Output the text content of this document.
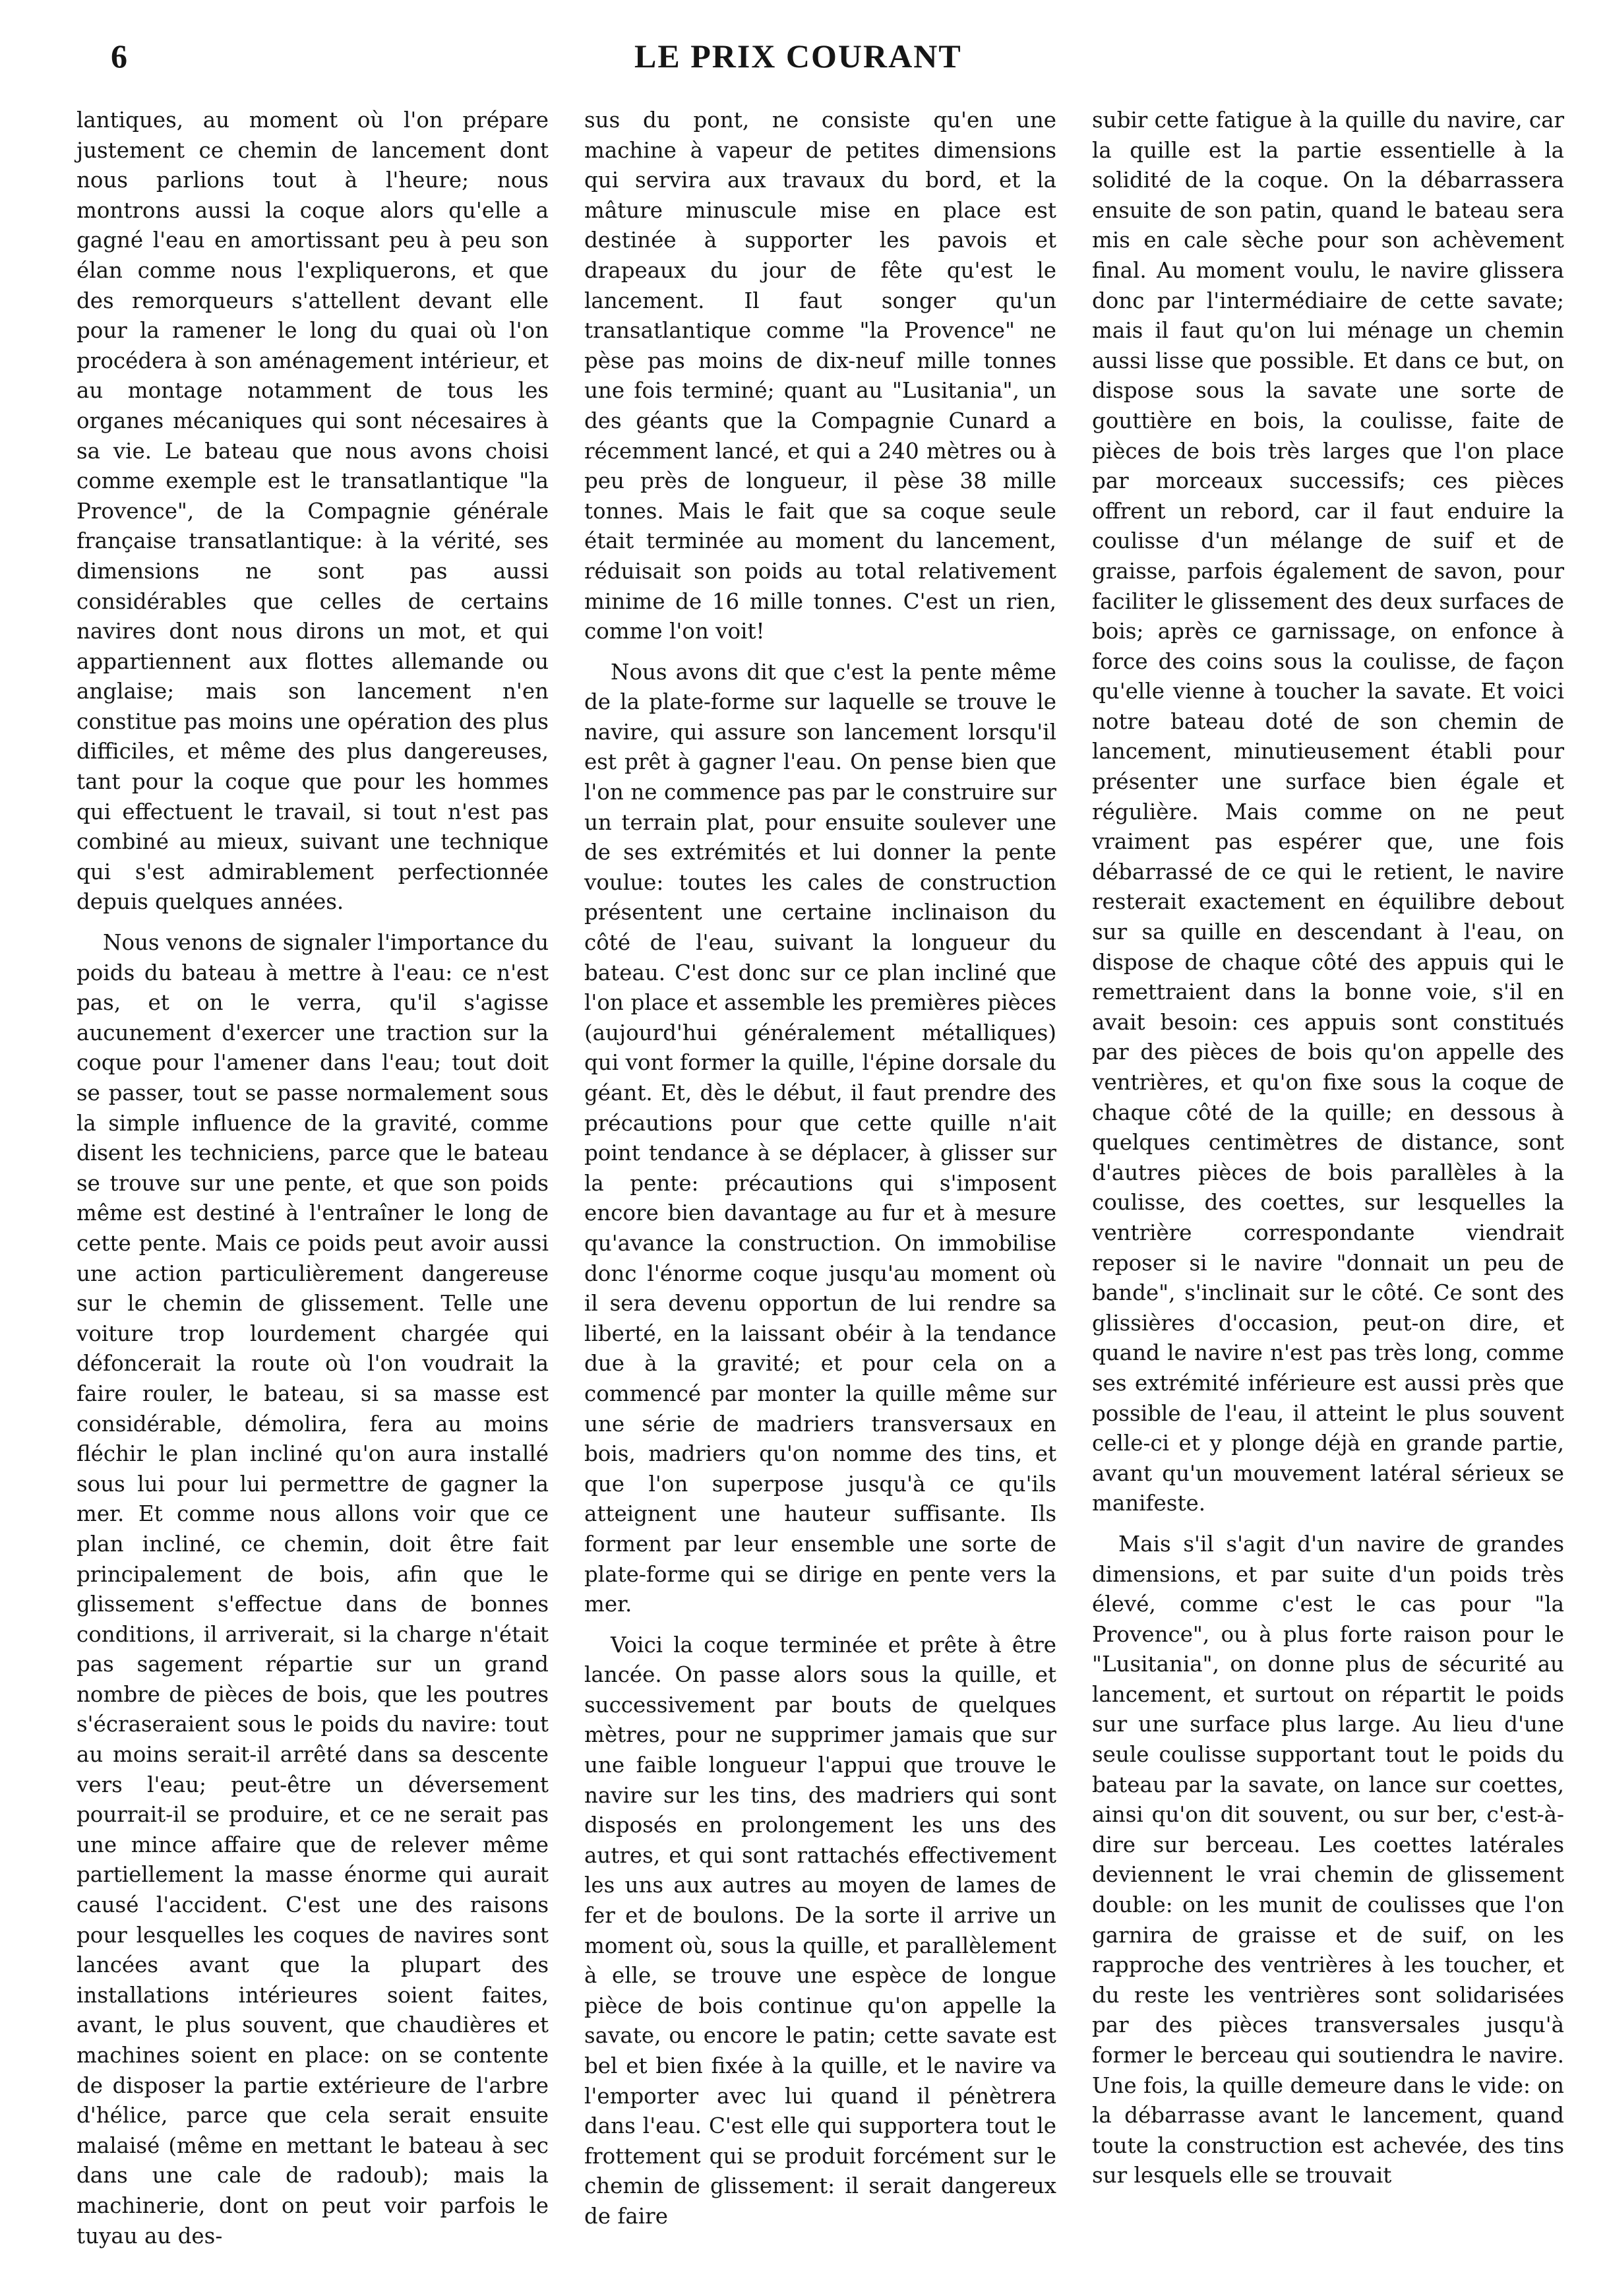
6	LE PRIX COURANT

lantiques, au moment où l'on prépare justement ce chemin de lancement dont nous parlions tout à l'heure; nous montrons aussi la coque alors qu'elle a gagné l'eau en amortissant peu à peu son élan comme nous l'expliquerons, et que des remorqueurs s'attellent devant elle pour la ramener le long du quai où l'on procédera à son aménagement intérieur, et au montage notamment de tous les organes mécaniques qui sont nécesaires à sa vie. Le bateau que nous avons choisi comme exemple est le transatlantique "la Provence", de la Compagnie générale française transatlantique: à la vérité, ses dimensions ne sont pas aussi considérables que celles de certains navires dont nous dirons un mot, et qui appartiennent aux flottes allemande ou anglaise; mais son lancement n'en constitue pas moins une opération des plus difficiles, et même des plus dangereuses, tant pour la coque que pour les hommes qui effectuent le travail, si tout n'est pas combiné au mieux, suivant une technique qui s'est admirablement perfectionnée depuis quelques années.

Nous venons de signaler l'importance du poids du bateau à mettre à l'eau: ce n'est pas, et on le verra, qu'il s'agisse aucunement d'exercer une traction sur la coque pour l'amener dans l'eau; tout doit se passer, tout se passe normalement sous la simple influence de la gravité, comme disent les techniciens, parce que le bateau se trouve sur une pente, et que son poids même est destiné à l'entraîner le long de cette pente. Mais ce poids peut avoir aussi une action particulièrement dangereuse sur le chemin de glissement. Telle une voiture trop lourdement chargée qui défoncerait la route où l'on voudrait la faire rouler, le bateau, si sa masse est considérable, démolira, fera au moins fléchir le plan incliné qu'on aura installé sous lui pour lui permettre de gagner la mer. Et comme nous allons voir que ce plan incliné, ce chemin, doit être fait principalement de bois, afin que le glissement s'effectue dans de bonnes conditions, il arriverait, si la charge n'était pas sagement répartie sur un grand nombre de pièces de bois, que les poutres s'écraseraient sous le poids du navire: tout au moins serait-il arrêté dans sa descente vers l'eau; peut-être un déversement pourrait-il se produire, et ce ne serait pas une mince affaire que de relever même partiellement la masse énorme qui aurait causé l'accident. C'est une des raisons pour lesquelles les coques de navires sont lancées avant que la plupart des installations intérieures soient faites, avant, le plus souvent, que chaudières et machines soient en place: on se contente de disposer la partie extérieure de l'arbre d'hélice, parce que cela serait ensuite malaisé (même en mettant le bateau à sec dans une cale de radoub); mais la machinerie, dont on peut voir parfois le tuyau au des-

sus du pont, ne consiste qu'en une machine à vapeur de petites dimensions qui servira aux travaux du bord, et la mâture minuscule mise en place est destinée à supporter les pavois et drapeaux du jour de fête qu'est le lancement. Il faut songer qu'un transatlantique comme "la Provence" ne pèse pas moins de dix-neuf mille tonnes une fois terminé; quant au "Lusitania", un des géants que la Compagnie Cunard a récemment lancé, et qui a 240 mètres ou à peu près de longueur, il pèse 38 mille tonnes. Mais le fait que sa coque seule était terminée au moment du lancement, réduisait son poids au total relativement minime de 16 mille tonnes. C'est un rien, comme l'on voit!

Nous avons dit que c'est la pente même de la plate-forme sur laquelle se trouve le navire, qui assure son lancement lorsqu'il est prêt à gagner l'eau. On pense bien que l'on ne commence pas par le construire sur un terrain plat, pour ensuite soulever une de ses extrémités et lui donner la pente voulue: toutes les cales de construction présentent une certaine inclinaison du côté de l'eau, suivant la longueur du bateau. C'est donc sur ce plan incliné que l'on place et assemble les premières pièces (aujourd'hui généralement métalliques) qui vont former la quille, l'épine dorsale du géant. Et, dès le début, il faut prendre des précautions pour que cette quille n'ait point tendance à se déplacer, à glisser sur la pente: précautions qui s'imposent encore bien davantage au fur et à mesure qu'avance la construction. On immobilise donc l'énorme coque jusqu'au moment où il sera devenu opportun de lui rendre sa liberté, en la laissant obéir à la tendance due à la gravité; et pour cela on a commencé par monter la quille même sur une série de madriers transversaux en bois, madriers qu'on nomme des tins, et que l'on superpose jusqu'à ce qu'ils atteignent une hauteur suffisante. Ils forment par leur ensemble une sorte de plate-forme qui se dirige en pente vers la mer.

Voici la coque terminée et prête à être lancée. On passe alors sous la quille, et successivement par bouts de quelques mètres, pour ne supprimer jamais que sur une faible longueur l'appui que trouve le navire sur les tins, des madriers qui sont disposés en prolongement les uns des autres, et qui sont rattachés effectivement les uns aux autres au moyen de lames de fer et de boulons. De la sorte il arrive un moment où, sous la quille, et parallèlement à elle, se trouve une espèce de longue pièce de bois continue qu'on appelle la savate, ou encore le patin; cette savate est bel et bien fixée à la quille, et le navire va l'emporter avec lui quand il pénètrera dans l'eau. C'est elle qui supportera tout le frottement qui se produit forcément sur le chemin de glissement: il serait dangereux de faire

subir cette fatigue à la quille du navire, car la quille est la partie essentielle à la solidité de la coque. On la débarrassera ensuite de son patin, quand le bateau sera mis en cale sèche pour son achèvement final. Au moment voulu, le navire glissera donc par l'intermédiaire de cette savate; mais il faut qu'on lui ménage un chemin aussi lisse que possible. Et dans ce but, on dispose sous la savate une sorte de gouttière en bois, la coulisse, faite de pièces de bois très larges que l'on place par morceaux successifs; ces pièces offrent un rebord, car il faut enduire la coulisse d'un mélange de suif et de graisse, parfois également de savon, pour faciliter le glissement des deux surfaces de bois; après ce garnissage, on enfonce à force des coins sous la coulisse, de façon qu'elle vienne à toucher la savate. Et voici notre bateau doté de son chemin de lancement, minutieusement établi pour présenter une surface bien égale et régulière. Mais comme on ne peut vraiment pas espérer que, une fois débarrassé de ce qui le retient, le navire resterait exactement en équilibre debout sur sa quille en descendant à l'eau, on dispose de chaque côté des appuis qui le remettraient dans la bonne voie, s'il en avait besoin: ces appuis sont constitués par des pièces de bois qu'on appelle des ventrières, et qu'on fixe sous la coque de chaque côté de la quille; en dessous à quelques centimètres de distance, sont d'autres pièces de bois parallèles à la coulisse, des coettes, sur lesquelles la ventrière correspondante viendrait reposer si le navire "donnait un peu de bande", s'inclinait sur le côté. Ce sont des glissières d'occasion, peut-on dire, et quand le navire n'est pas très long, comme ses extrémité inférieure est aussi près que possible de l'eau, il atteint le plus souvent celle-ci et y plonge déjà en grande partie, avant qu'un mouvement latéral sérieux se manifeste.

Mais s'il s'agit d'un navire de grandes dimensions, et par suite d'un poids très élevé, comme c'est le cas pour "la Provence", ou à plus forte raison pour le "Lusitania", on donne plus de sécurité au lancement, et surtout on répartit le poids sur une surface plus large. Au lieu d'une seule coulisse supportant tout le poids du bateau par la savate, on lance sur coettes, ainsi qu'on dit souvent, ou sur ber, c'est-à-dire sur berceau. Les coettes latérales deviennent le vrai chemin de glissement double: on les munit de coulisses que l'on garnira de graisse et de suif, on les rapproche des ventrières à les toucher, et du reste les ventrières sont solidarisées par des pièces transversales jusqu'à former le berceau qui soutiendra le navire. Une fois, la quille demeure dans le vide: on la débarrasse avant le lancement, quand toute la construction est achevée, des tins sur lesquels elle se trouvait
